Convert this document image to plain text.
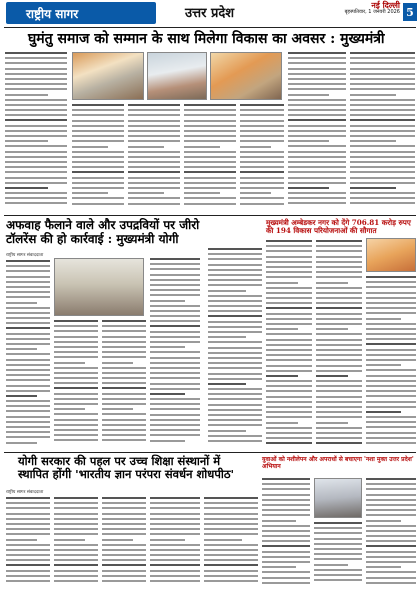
राष्ट्रीय सागर	उत्तर प्रदेश
नई दिल्ली
बृहस्पतिवार, 1 जनवरी 2026 5
घुमंतु समाज को सम्मान के साथ मिलेगा विकास का अवसर : मुख्यमंत्री
अफवाह फैलाने वाले और उपद्रवियों पर जीरो टॉलरेंस की हो कार्रवाई : मुख्यमंत्री योगी
राष्ट्रीय सागर संवाददाता
मुख्यमंत्री अम्बेडकर नगर को देंगे 706.81 करोड़ रुपए की 194 विकास परियोजनाओं की सौगात
योगी सरकार की पहल पर उच्च शिक्षा संस्थानों में स्थापित होंगी 'भारतीय ज्ञान परंपरा संवर्धन शोधपीठ'
राष्ट्रीय सागर संवाददाता
युवाओं को नशीलेपन और अपराधों से बचाएगा 'नशा मुक्त उत्तर प्रदेश' अभियान
